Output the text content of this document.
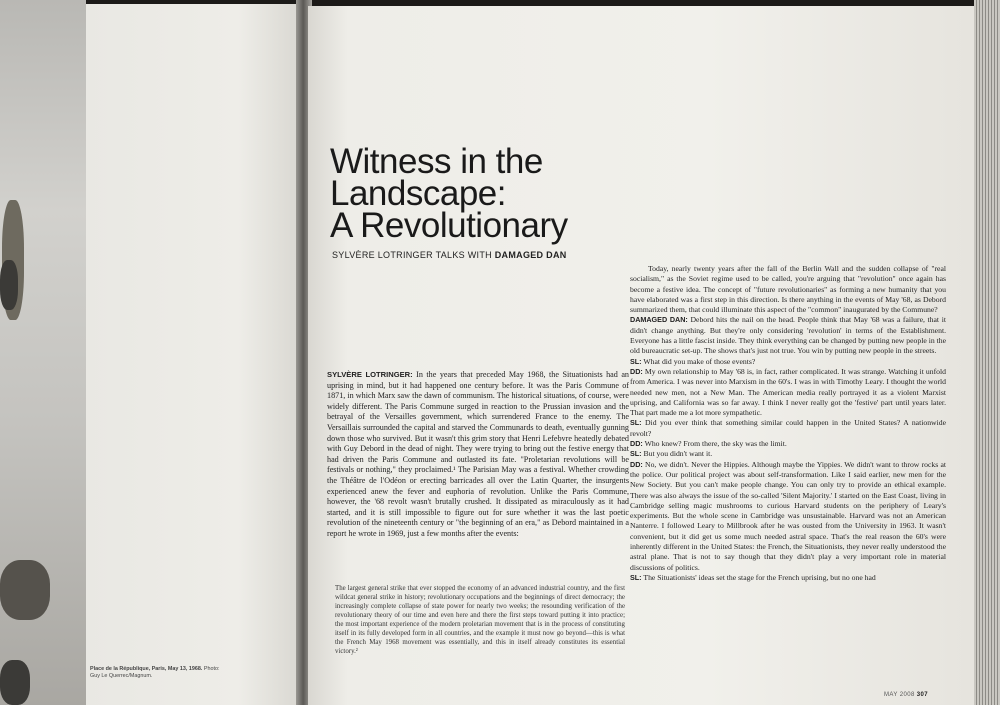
Place de la République, Paris, May 13, 1968. Photo: Guy Le Querrec/Magnum.
Witness in the
Landscape:
A Revolutionary
SYLVÈRE LOTRINGER TALKS WITH DAMAGED DAN
SYLVÈRE LOTRINGER: In the years that preceded May 1968, the Situationists had an uprising in mind, but it had happened one century before. It was the Paris Commune of 1871, in which Marx saw the dawn of communism. The historical situations, of course, were widely different. The Paris Commune surged in reaction to the Prussian invasion and the betrayal of the Versailles government, which surrendered France to the enemy. The Versaillais surrounded the capital and starved the Communards to death, eventually gunning down those who survived. But it wasn't this grim story that Henri Lefebvre heatedly debated with Guy Debord in the dead of night. They were trying to bring out the festive energy that had driven the Paris Commune and outlasted its fate. "Proletarian revolutions will be festivals or nothing," they proclaimed.¹ The Parisian May was a festival. Whether crowding the Théâtre de l'Odéon or erecting barricades all over the Latin Quarter, the insurgents experienced anew the fever and euphoria of revolution. Unlike the Paris Commune, however, the '68 revolt wasn't brutally crushed. It dissipated as miraculously as it had started, and it is still impossible to figure out for sure whether it was the last poetic revolution of the nineteenth century or "the beginning of an era," as Debord maintained in a report he wrote in 1969, just a few months after the events:
The largest general strike that ever stopped the economy of an advanced industrial country, and the first wildcat general strike in history; revolutionary occupations and the beginnings of direct democracy; the increasingly complete collapse of state power for nearly two weeks; the resounding verification of the revolutionary theory of our time and even here and there the first steps toward putting it into practice; the most important experience of the modern proletarian movement that is in the process of constituting itself in its fully developed form in all countries, and the example it must now go beyond—this is what the French May 1968 movement was essentially, and this in itself already constitutes its essential victory.²

Today, nearly twenty years after the fall of the Berlin Wall and the sudden collapse of "real socialism," as the Soviet regime used to be called, you're arguing that "revolution" once again has become a festive idea. The concept of "future revolutionaries" as forming a new humanity that you have elaborated was a first step in this direction. Is there anything in the events of May '68, as Debord summarized them, that could illuminate this aspect of the "common" inaugurated by the Commune?

DAMAGED DAN: Debord hits the nail on the head. People think that May '68 was a failure, that it didn't change anything. But they're only considering 'revolution' in terms of the Establishment. Everyone has a little fascist inside. They think everything can be changed by putting new people in the old bureaucratic set-up. The shows that's just not true. You win by putting new people in the streets.

SL: What did you make of those events?

DD: My own relationship to May '68 is, in fact, rather complicated. It was strange. Watching it unfold from America. I was never into Marxism in the 60's. I was in with Timothy Leary. I thought the world needed new men, not a New Man. The American media really portrayed it as a violent Marxist uprising, and California was so far away. I think I never really got the 'festive' part until years later. That part made me a lot more sympathetic.

SL: Did you ever think that something similar could happen in the United States? A nationwide revolt?

DD: Who knew? From there, the sky was the limit.

SL: But you didn't want it.

DD: No, we didn't. Never the Hippies. Although maybe the Yippies. We didn't want to throw rocks at the police. Our political project was about self-transformation. Like I said earlier, new men for the New Society. But you can't make people change. You can only try to provide an ethical example. There was also always the issue of the so-called 'Silent Majority.' I started on the East Coast, living in Cambridge selling magic mushrooms to curious Harvard students on the periphery of Leary's experiments. But the whole scene in Cambridge was unsustainable. Harvard was not an American Nanterre. I followed Leary to Millbrook after he was ousted from the University in 1963. It wasn't convenient, but it did get us some much needed astral space. That's the real reason the 60's were inherently different in the United States: the French, the Situationists, they never really understood the astral plane. That is not to say though that they didn't play a very important role in material discussions of politics.

SL: The Situationists' ideas set the stage for the French uprising, but no one had

MAY 2008 307
